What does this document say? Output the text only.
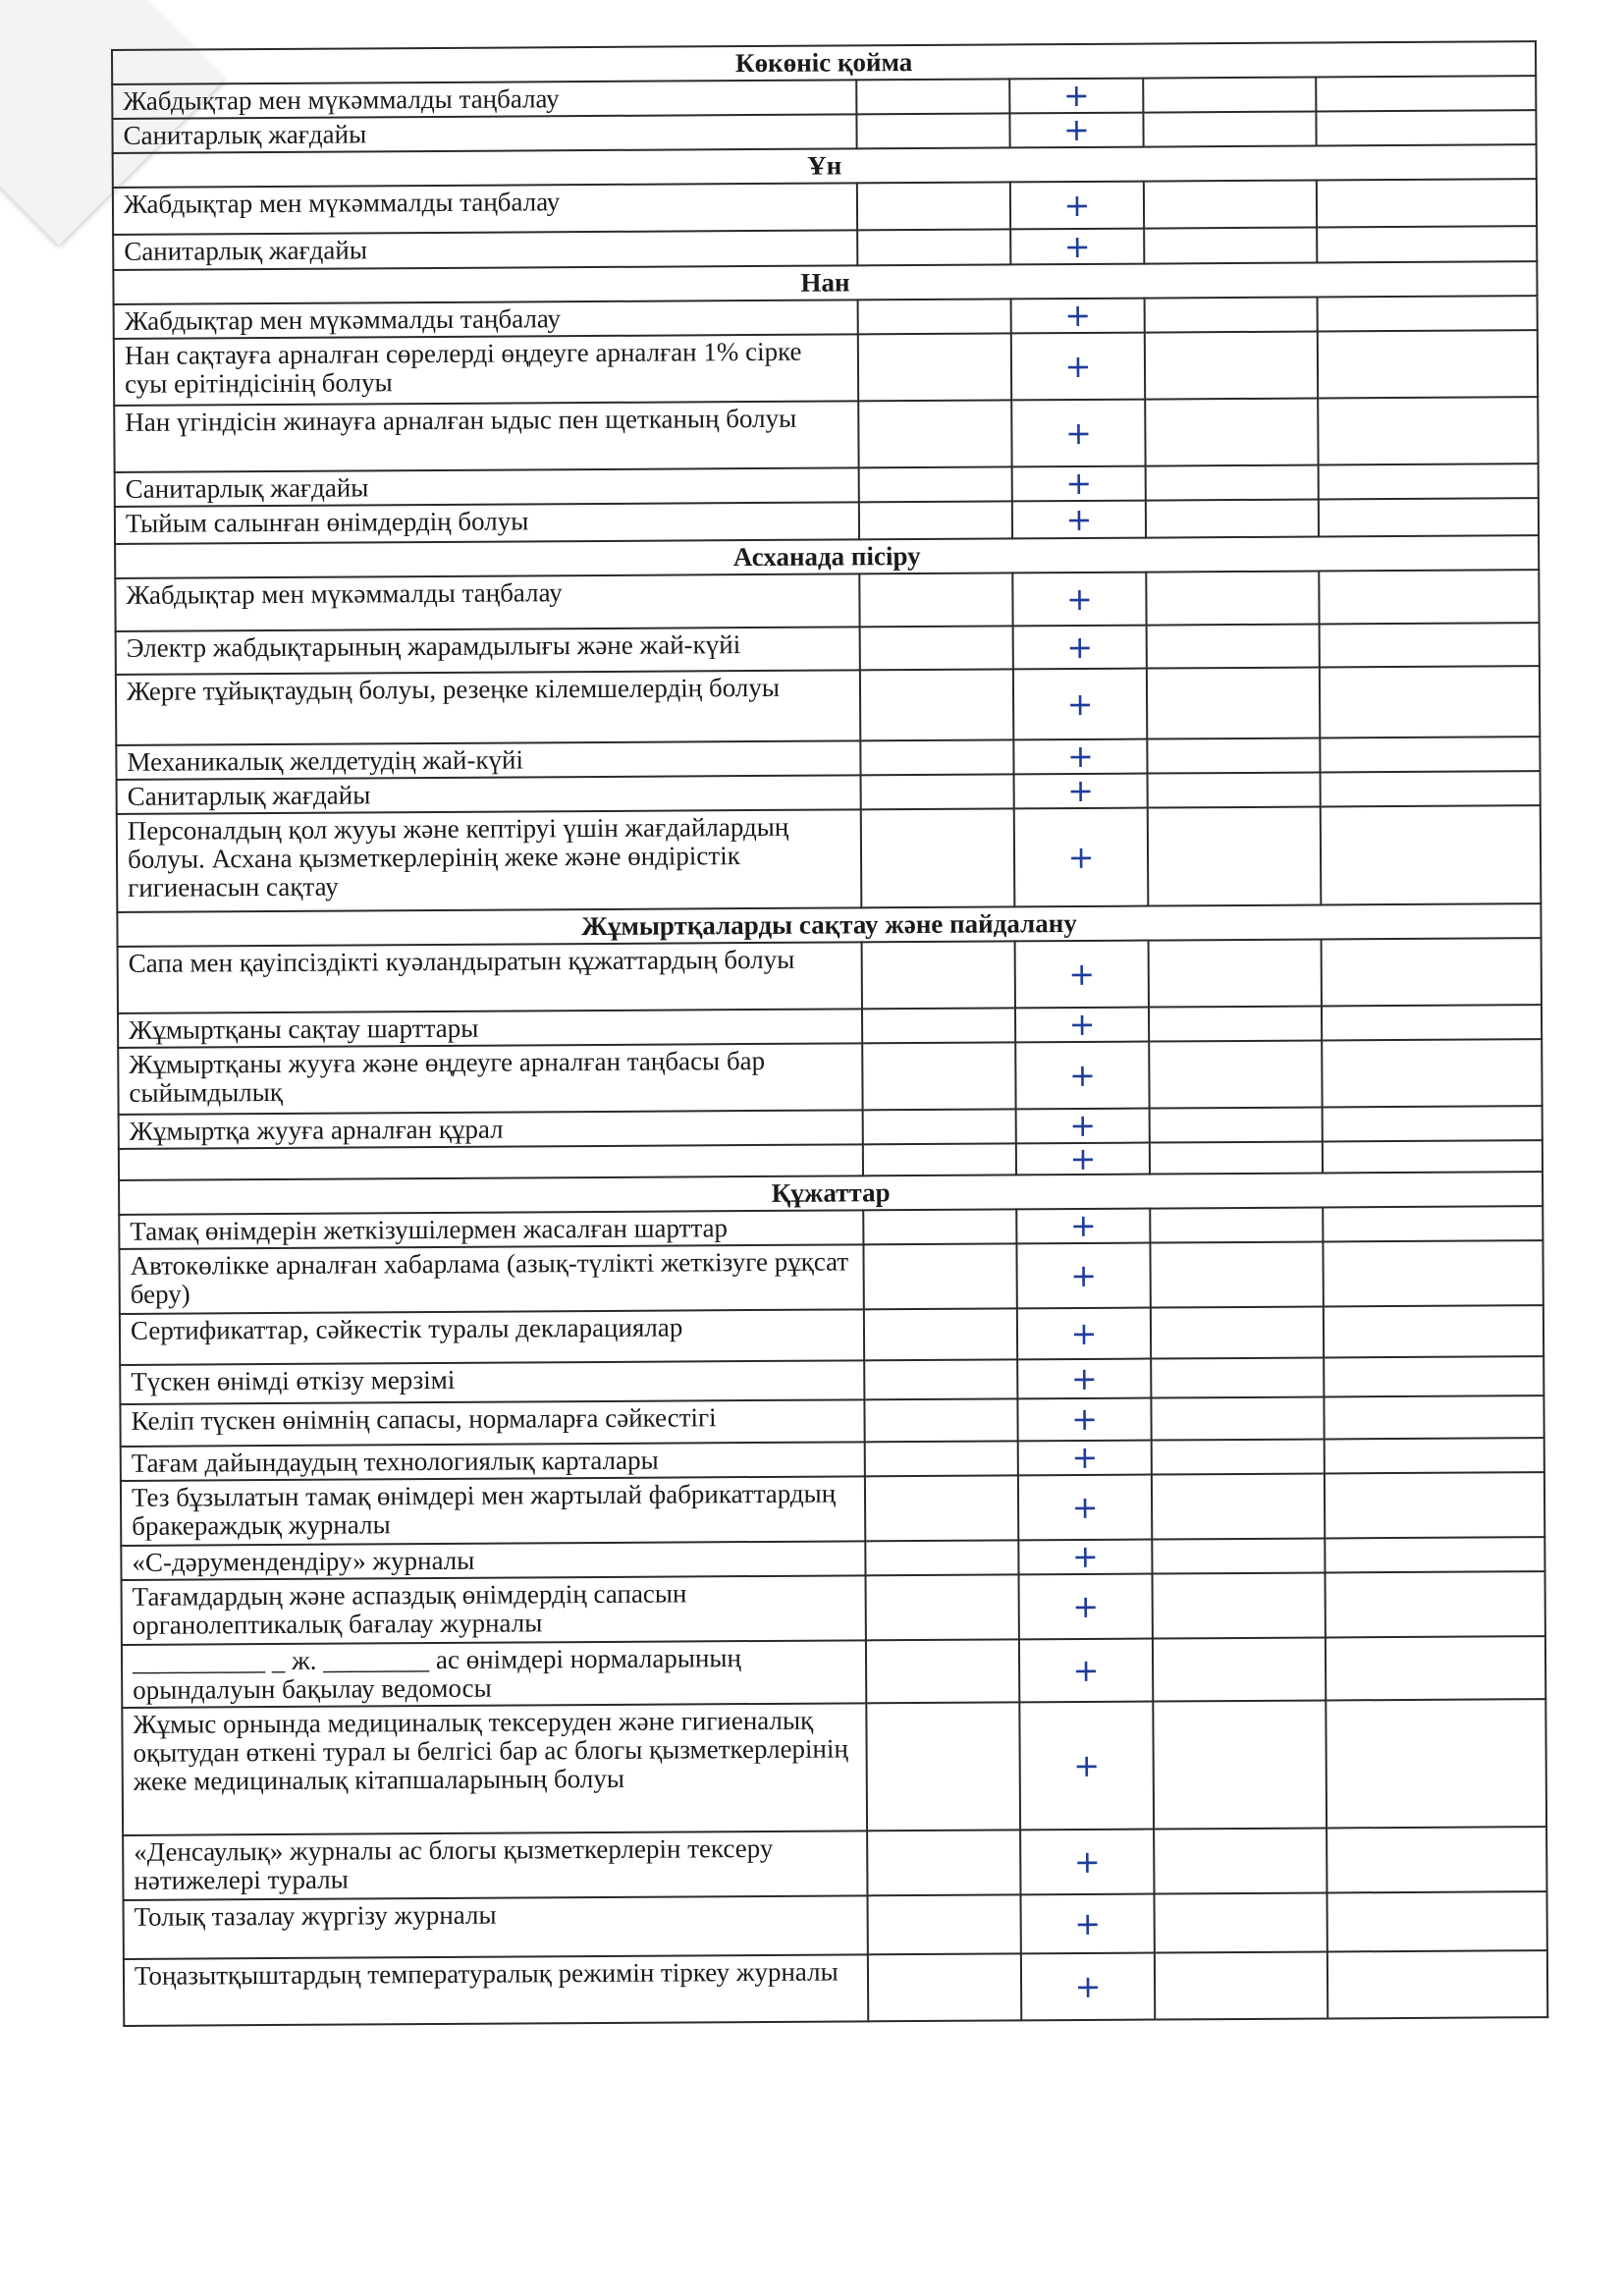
Көкөніс қойма				
Жабдықтар мен мүкәммалды таңбалау		+		
Санитарлық жағдайы		+		
Ұн				
Жабдықтар мен мүкәммалды таңбалау		+		
Санитарлық жағдайы		+		
Нан				
Жабдықтар мен мүкәммалды таңбалау		+		
Нан сақтауға арналған сөрелерді өңдеуге арналған 1% сірке суы ерітіндісінің болуы		+		
Нан үгіндісін жинауға арналған ыдыс пен щетканың болуы		+		
Санитарлық жағдайы		+		
Тыйым салынған өнімдердің болуы		+		
Асханада пісіру				
Жабдықтар мен мүкәммалды таңбалау		+		
Электр жабдықтарының жарамдылығы және жай-күйі		+		
Жерге тұйықтаудың болуы, резеңке кілемшелердің болуы		+		
Механикалық желдетудің жай-күйі		+		
Санитарлық жағдайы		+		
Персоналдың қол жууы және кептіруі үшін жағдайлардың болуы. Асхана қызметкерлерінің жеке және өндірістік гигиенасын сақтау		+		
Жұмыртқаларды сақтау және пайдалану				
Сапа мен қауіпсіздікті куәландыратын құжаттардың болуы		+		
Жұмыртқаны сақтау шарттары		+		
Жұмыртқаны жууға және өңдеуге арналған таңбасы бар сыйымдылық		+		
Жұмыртқа жууға арналған құрал		+		
		+		
Құжаттар				
Тамақ өнімдерін жеткізушілермен жасалған шарттар		+		
Автокөлікке арналған хабарлама (азық-түлікті жеткізуге рұқсат беру)		+		
Сертификаттар, сәйкестік туралы декларациялар		+		
Түскен өнімді өткізу мерзімі		+		
Келіп түскен өнімнің сапасы, нормаларға сәйкестігі		+		
Тағам дайындаудың технологиялық карталары		+		
Тез бұзылатын тамақ өнімдері мен жартылай фабрикаттардың бракераждық журналы		+		
«С-дәрумендендіру» журналы		+		
Тағамдардың және аспаздық өнімдердің сапасын органолептикалық бағалау журналы		+		
__________ _ ж. ________ ас өнімдері нормаларының орындалуын бақылау ведомосы		+		
Жұмыс орнында медициналық тексеруден және гигиеналық оқытудан өткені турал ы белгісі бар ас блогы қызметкерлерінің жеке медициналық кітапшаларының болуы		+		
«Денсаулық» журналы ас блогы қызметкерлерін тексеру нәтижелері туралы		+		
Толық тазалау жүргізу журналы		+		
Тоңазытқыштардың температуралық режимін тіркеу журналы		+		
